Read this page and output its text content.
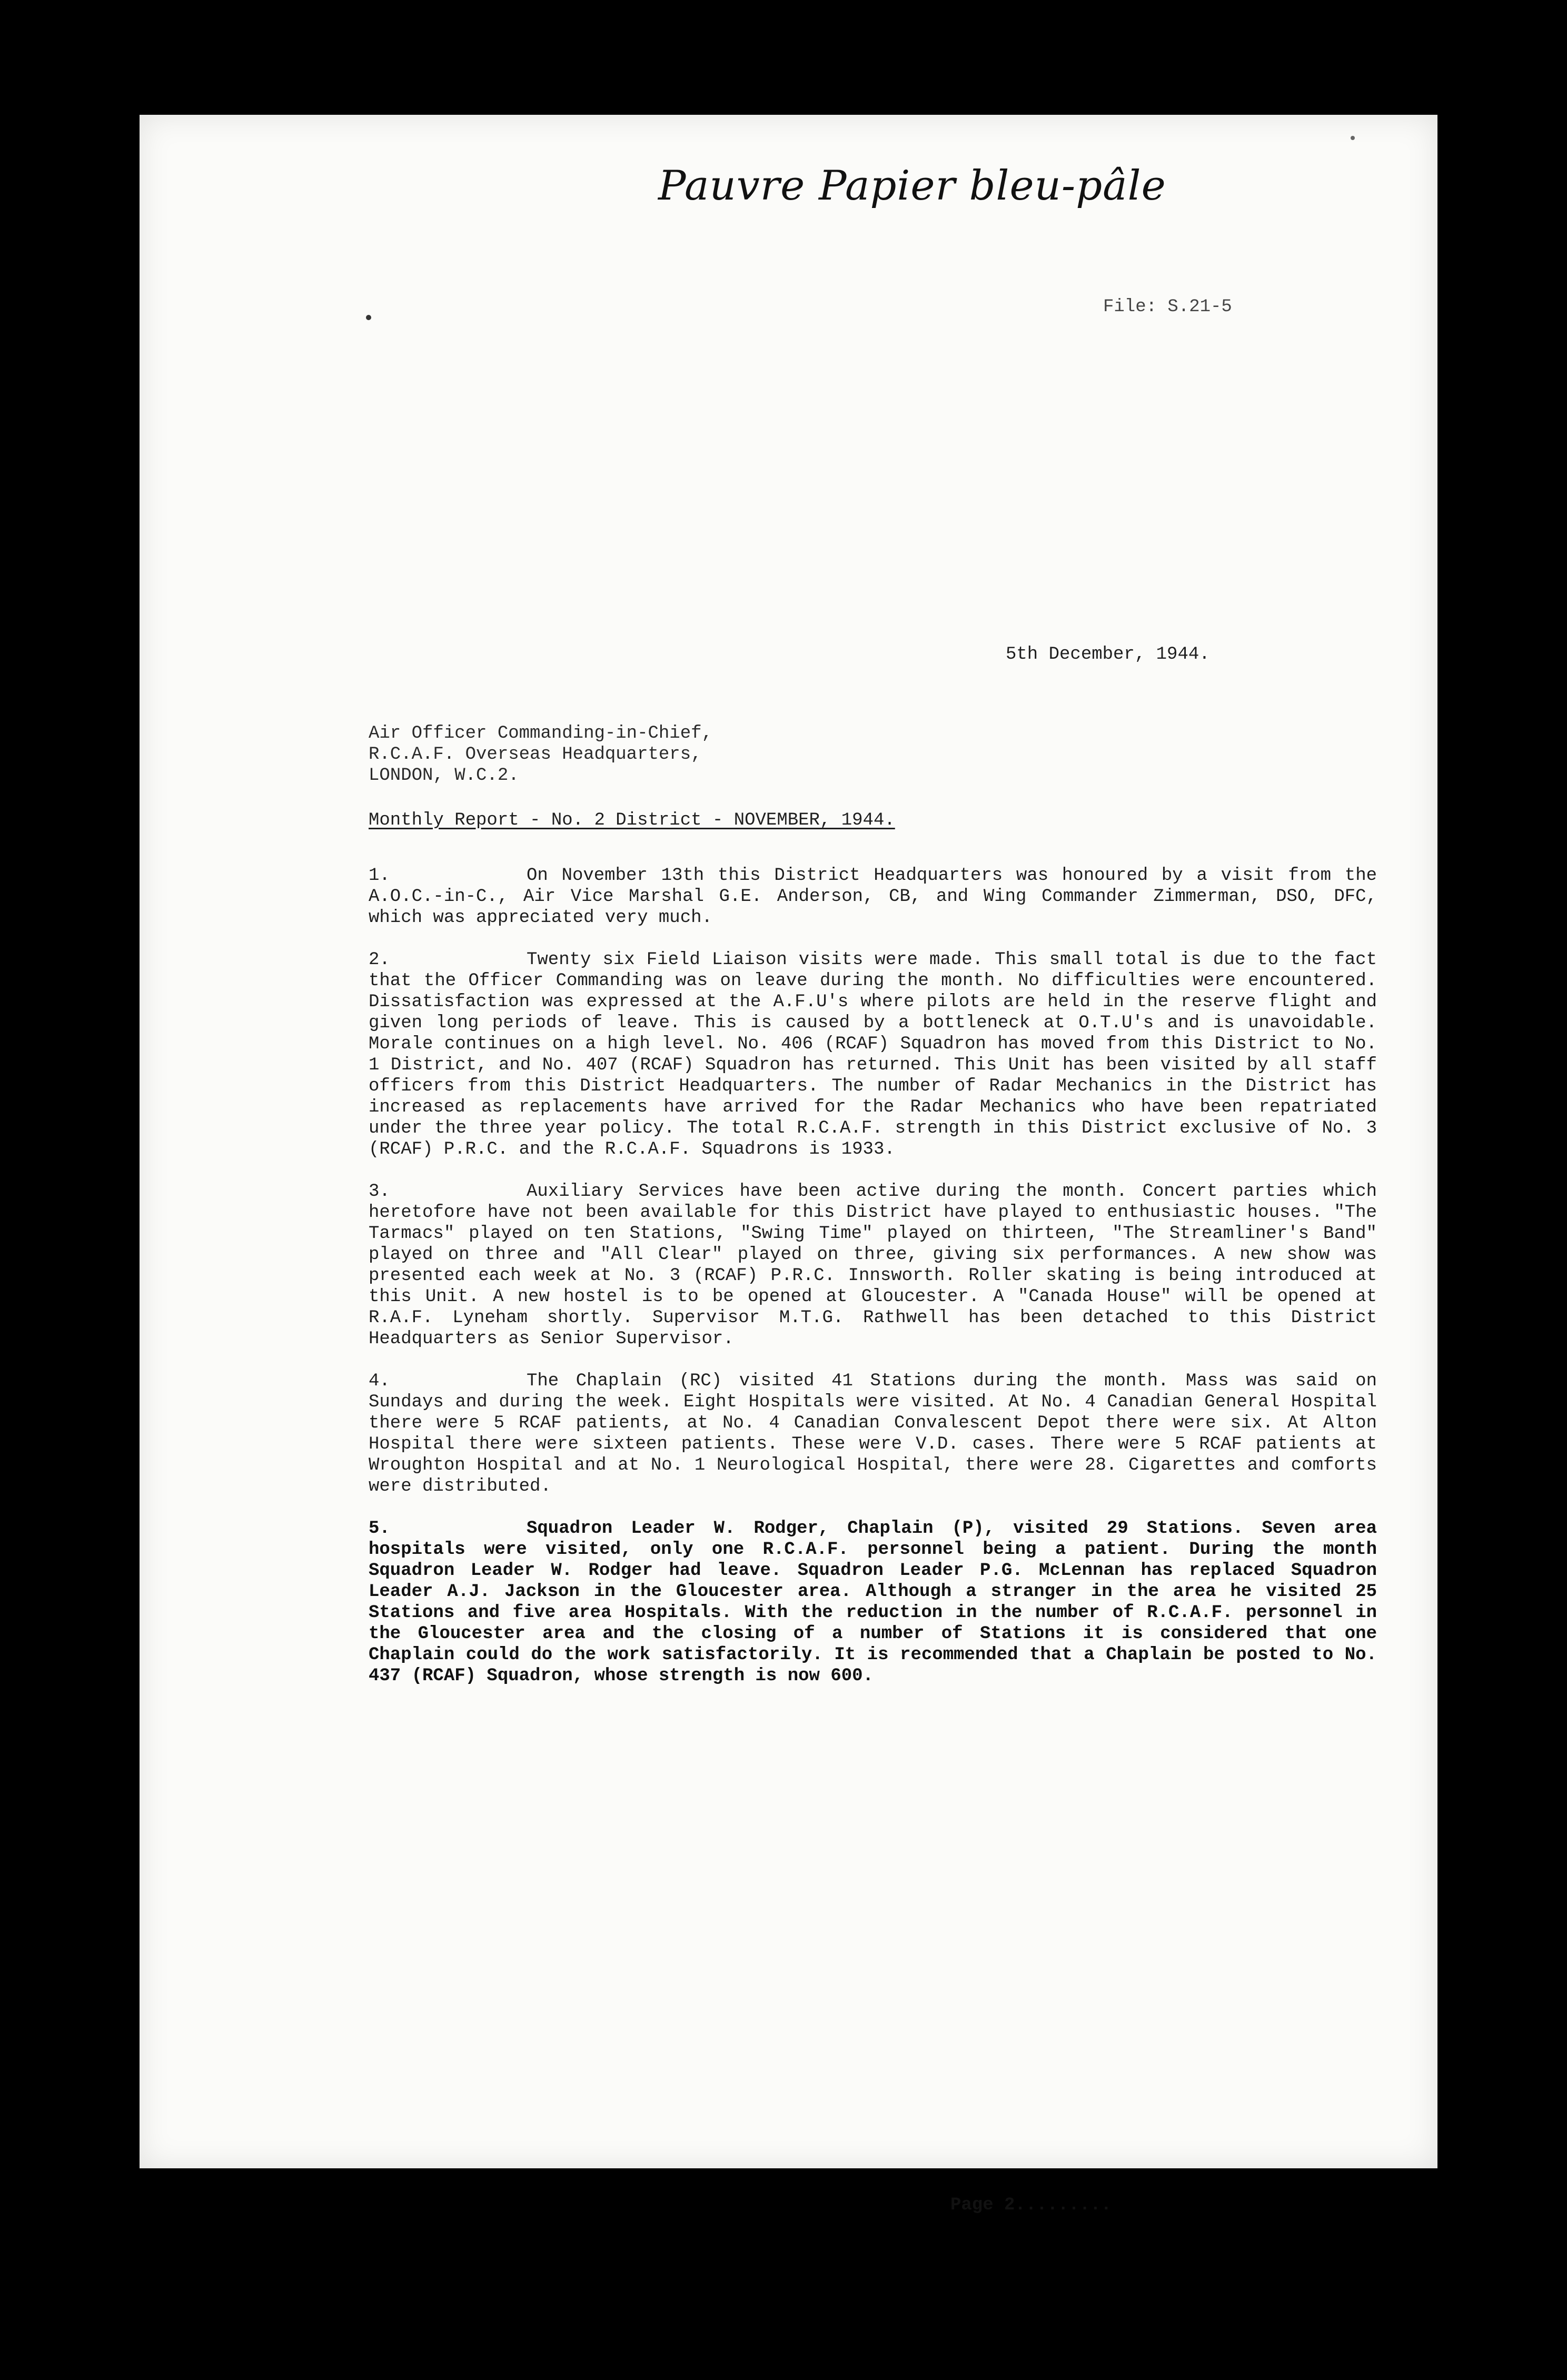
Pauvre Papier bleu-pâle
File: S.21-5
5th December, 1944.
Air Officer Commanding-in-Chief,
R.C.A.F. Overseas Headquarters,
LONDON, W.C.2.
Monthly Report - No. 2 District - NOVEMBER, 1944.
1.	On November 13th this District Headquarters was honoured by a visit from the A.O.C.-in-C., Air Vice Marshal G.E. Anderson, CB, and Wing Commander Zimmerman, DSO, DFC, which was appreciated very much.
2.	Twenty six Field Liaison visits were made. This small total is due to the fact that the Officer Commanding was on leave during the month. No difficulties were encountered. Dissatisfaction was expressed at the A.F.U's where pilots are held in the reserve flight and given long periods of leave. This is caused by a bottleneck at O.T.U's and is unavoidable. Morale continues on a high level. No. 406 (RCAF) Squadron has moved from this District to No. 1 District, and No. 407 (RCAF) Squadron has returned. This Unit has been visited by all staff officers from this District Headquarters. The number of Radar Mechanics in the District has increased as replacements have arrived for the Radar Mechanics who have been repatriated under the three year policy. The total R.C.A.F. strength in this District exclusive of No. 3 (RCAF) P.R.C. and the R.C.A.F. Squadrons is 1933.
3.	Auxiliary Services have been active during the month. Concert parties which heretofore have not been available for this District have played to enthusiastic houses. "The Tarmacs" played on ten Stations, "Swing Time" played on thirteen, "The Streamliner's Band" played on three and "All Clear" played on three, giving six performances. A new show was presented each week at No. 3 (RCAF) P.R.C. Innsworth. Roller skating is being introduced at this Unit. A new hostel is to be opened at Gloucester. A "Canada House" will be opened at R.A.F. Lyneham shortly. Supervisor M.T.G. Rathwell has been detached to this District Headquarters as Senior Supervisor.
4.	The Chaplain (RC) visited 41 Stations during the month. Mass was said on Sundays and during the week. Eight Hospitals were visited. At No. 4 Canadian General Hospital there were 5 RCAF patients, at No. 4 Canadian Convalescent Depot there were six. At Alton Hospital there were sixteen patients. These were V.D. cases. There were 5 RCAF patients at Wroughton Hospital and at No. 1 Neurological Hospital, there were 28. Cigarettes and comforts were distributed.
5.	Squadron Leader W. Rodger, Chaplain (P), visited 29 Stations. Seven area hospitals were visited, only one R.C.A.F. personnel being a patient. During the month Squadron Leader W. Rodger had leave. Squadron Leader P.G. McLennan has replaced Squadron Leader A.J. Jackson in the Gloucester area. Although a stranger in the area he visited 25 Stations and five area Hospitals. With the reduction in the number of R.C.A.F. personnel in the Gloucester area and the closing of a number of Stations it is considered that one Chaplain could do the work satisfactorily. It is recommended that a Chaplain be posted to No. 437 (RCAF) Squadron, whose strength is now 600.
Page 2.........
